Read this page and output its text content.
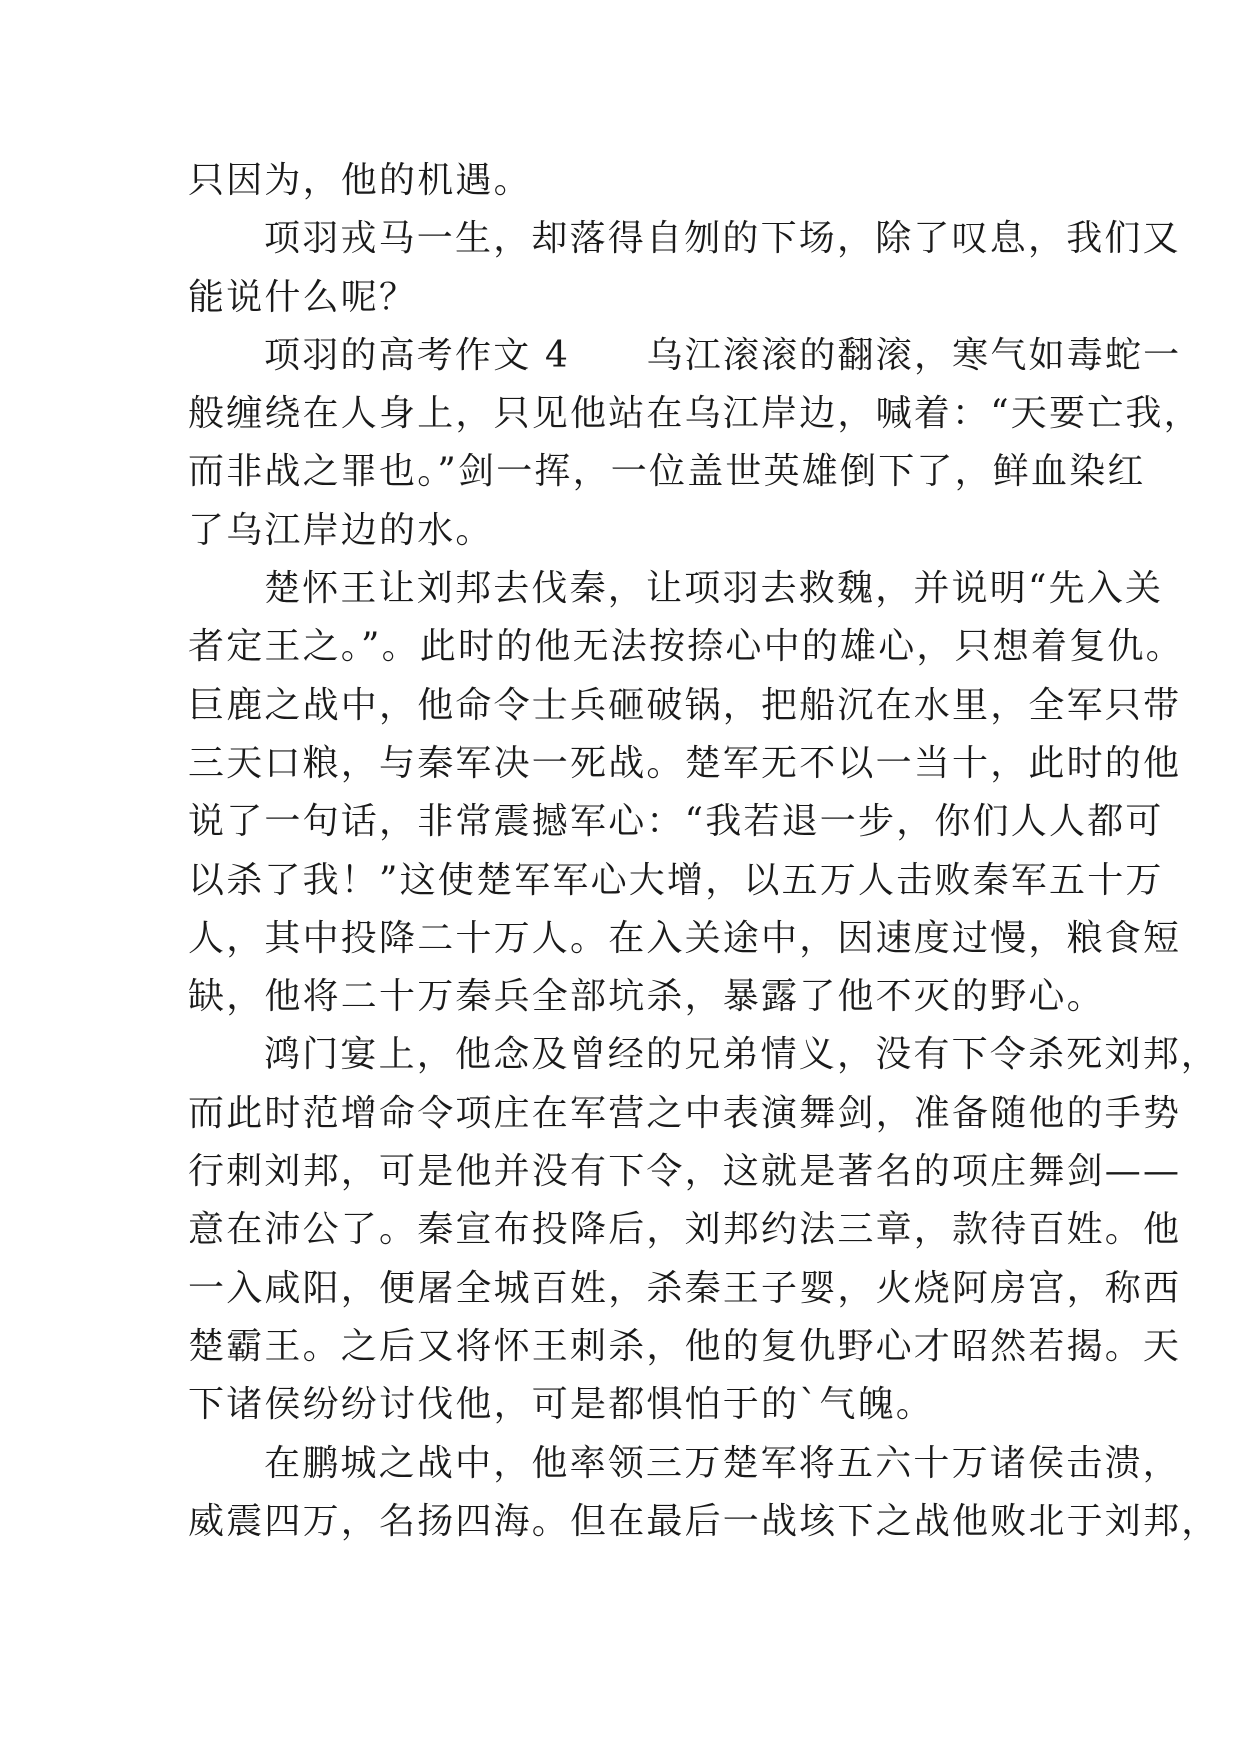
只因为，他的机遇。

项羽戎马一生，却落得自刎的下场，除了叹息，我们又
能说什么呢？

项羽的高考作文 4　　乌江滚滚的翻滚，寒气如毒蛇一
般缠绕在人身上，只见他站在乌江岸边，喊着：“天要亡我，
而非战之罪也。”剑一挥，一位盖世英雄倒下了，鲜血染红
了乌江岸边的水。

楚怀王让刘邦去伐秦，让项羽去救魏，并说明“先入关
者定王之。”。此时的他无法按捺心中的雄心，只想着复仇。
巨鹿之战中，他命令士兵砸破锅，把船沉在水里，全军只带
三天口粮，与秦军决一死战。楚军无不以一当十，此时的他
说了一句话，非常震撼军心：“我若退一步，你们人人都可
以杀了我！”这使楚军军心大增，以五万人击败秦军五十万
人，其中投降二十万人。在入关途中，因速度过慢，粮食短
缺，他将二十万秦兵全部坑杀，暴露了他不灭的野心。

鸿门宴上，他念及曾经的兄弟情义，没有下令杀死刘邦，
而此时范增命令项庄在军营之中表演舞剑，准备随他的手势
行刺刘邦，可是他并没有下令，这就是著名的项庄舞剑——
意在沛公了。秦宣布投降后，刘邦约法三章，款待百姓。他
一入咸阳，便屠全城百姓，杀秦王子婴，火烧阿房宫，称西
楚霸王。之后又将怀王刺杀，他的复仇野心才昭然若揭。天
下诸侯纷纷讨伐他，可是都惧怕于的`气魄。

在鹏城之战中，他率领三万楚军将五六十万诸侯击溃，
威震四万，名扬四海。但在最后一战垓下之战他败北于刘邦，
